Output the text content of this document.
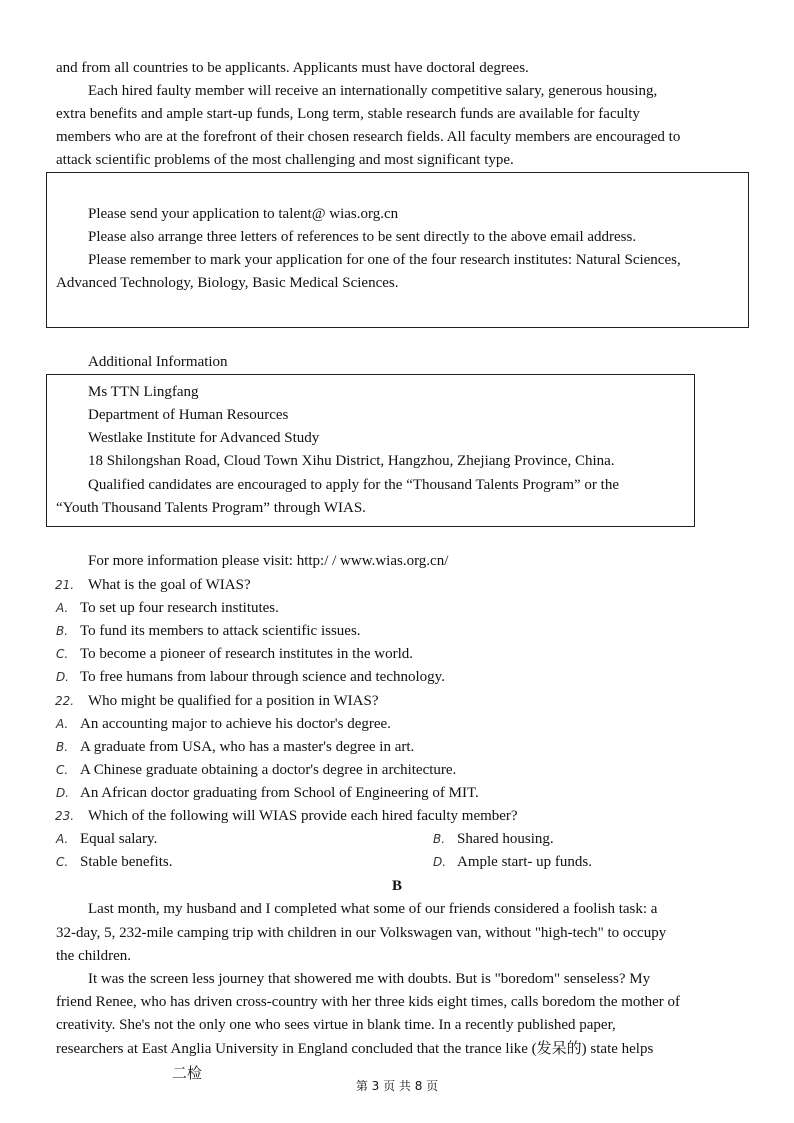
and from all countries to be applicants. Applicants must have doctoral degrees.
Each hired faulty member will receive an internationally competitive salary, generous housing,
extra benefits and ample start-up funds, Long term, stable research funds are available for faculty
members who are at the forefront of their chosen research fields. All faculty members are encouraged to
attack scientific problems of the most challenging and most significant type.
Please send your application to talent@ wias.org.cn
Please also arrange three letters of references to be sent directly to the above email address.
Please remember to mark your application for one of the four research institutes: Natural Sciences,
Advanced Technology, Biology, Basic Medical Sciences.
Additional Information
Ms TTN Lingfang
Department of Human Resources
Westlake Institute for Advanced Study
18 Shilongshan Road, Cloud Town Xihu District, Hangzhou, Zhejiang Province, China.
Qualified candidates are encouraged to apply for the “Thousand Talents Program” or the
“Youth Thousand Talents Program” through WIAS.
For more information please visit: http:/ / www.wias.org.cn/
21. What is the goal of WIAS?
A. To set up four research institutes.
B. To fund its members to attack scientific issues.
C. To become a pioneer of research institutes in the world.
D. To free humans from labour through science and technology.
22. Who might be qualified for a position in WIAS?
A. An accounting major to achieve his doctor's degree.
B. A graduate from USA, who has a master's degree in art.
C. A Chinese graduate obtaining a doctor's degree in architecture.
D. An African doctor graduating from School of Engineering of MIT.
23. Which of the following will WIAS provide each hired faculty member?
A. Equal salary.	B. Shared housing.
C. Stable benefits.	D. Ample start- up funds.
B
Last month, my husband and I completed what some of our friends considered a foolish task: a
32-day, 5, 232-mile camping trip with children in our Volkswagen van, without "high-tech" to occupy
the children.
It was the screen less journey that showered me with doubts. But is "boredom" senseless? My
friend Renee, who has driven cross-country with her three kids eight times, calls boredom the mother of
creativity. She's not the only one who sees virtue in blank time. In a recently published paper,
researchers at East Anglia University in England concluded that the trance like (发呆的) state helps
二检
第 3 页 共 8 页
